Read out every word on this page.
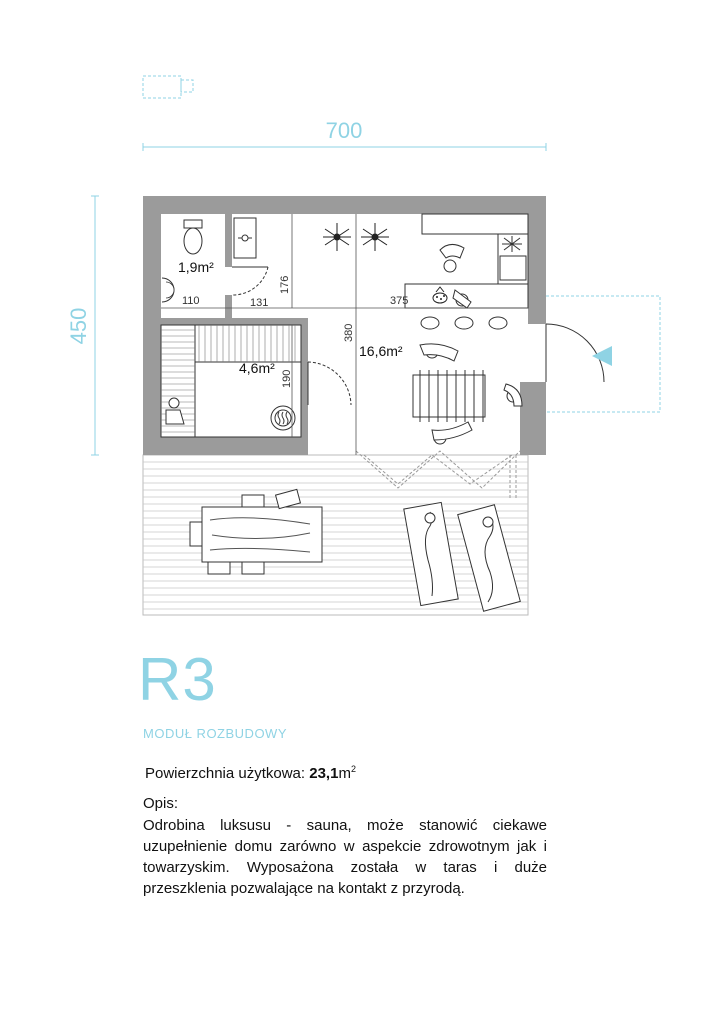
700
450
1,9m²
4,6m²
16,6m²
110	131
176
375
380
190
R3
MODUŁ ROZBUDOWY
Powierzchnia użytkowa: $23,1m^2$
Opis:
Odrobina luksusu - sauna, może stanowić ciekawe uzupełnienie domu zarówno w aspekcie zdrowotnym jak i towarzyskim. Wyposażona została w taras i duże przeszklenia pozwalające na kontakt z przyrodą.
